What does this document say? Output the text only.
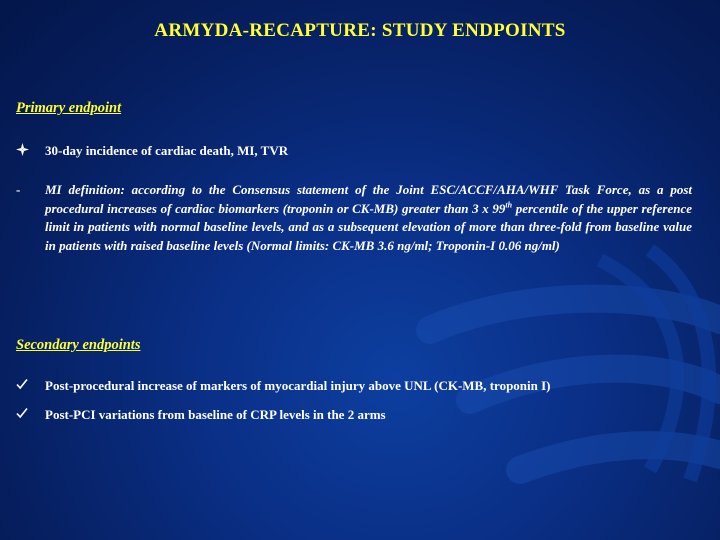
ARMYDA-RECAPTURE: STUDY ENDPOINTS
Primary endpoint
30-day incidence of cardiac death, MI, TVR
- MI definition: according to the Consensus statement of the Joint ESC/ACCF/AHA/WHF Task Force, as a post procedural increases of cardiac biomarkers (troponin or CK-MB) greater than 3 x 99th percentile of the upper reference limit in patients with normal baseline levels, and as a subsequent elevation of more than three-fold from baseline value in patients with raised baseline levels (Normal limits: CK-MB 3.6 ng/ml; Troponin-I 0.06 ng/ml)
Secondary endpoints
Post-procedural increase of markers of myocardial injury above UNL (CK-MB, troponin I)
Post-PCI variations from baseline of CRP levels in the 2 arms
